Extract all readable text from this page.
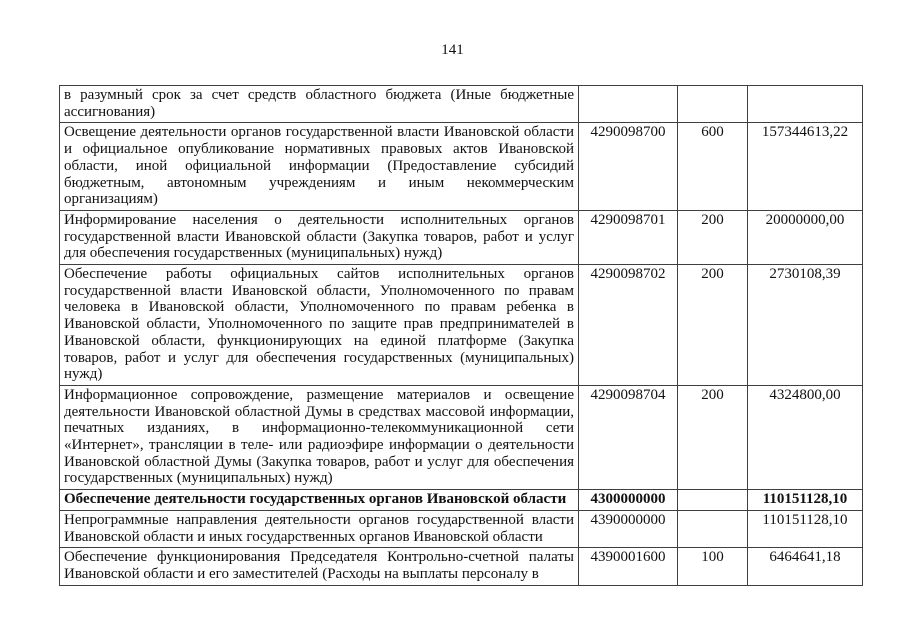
141
в разумный срок за счет средств областного бюджета (Иные бюджетные ассигнования)			
Освещение деятельности органов государственной власти Ивановской области и официальное опубликование нормативных правовых актов Ивановской области, иной официальной информации (Предоставление субсидий бюджетным, автономным учреждениям и иным некоммерческим организациям)	4290098700	600	157344613,22
Информирование населения о деятельности исполнительных органов государственной власти Ивановской области (Закупка товаров, работ и услуг для обеспечения государственных (муниципальных) нужд)	4290098701	200	20000000,00
Обеспечение работы официальных сайтов исполнительных органов государственной власти Ивановской области, Уполномоченного по правам человека в Ивановской области, Уполномоченного по правам ребенка в Ивановской области, Уполномоченного по защите прав предпринимателей в Ивановской области, функционирующих на единой платформе (Закупка товаров, работ и услуг для обеспечения государственных (муниципальных) нужд)	4290098702	200	2730108,39
Информационное сопровождение, размещение материалов и освещение деятельности Ивановской областной Думы в средствах массовой информации, печатных изданиях, в информационно-телекоммуникационной сети «Интернет», трансляции в теле- или радиоэфире информации о деятельности Ивановской областной Думы (Закупка товаров, работ и услуг для обеспечения государственных (муниципальных) нужд)	4290098704	200	4324800,00
Обеспечение деятельности государственных органов Ивановской области	4300000000		110151128,10
Непрограммные направления деятельности органов государственной власти Ивановской области и иных государственных органов Ивановской области	4390000000		110151128,10
Обеспечение функционирования Председателя Контрольно-счетной палаты Ивановской области и его заместителей (Расходы на выплаты персоналу в	4390001600	100	6464641,18
